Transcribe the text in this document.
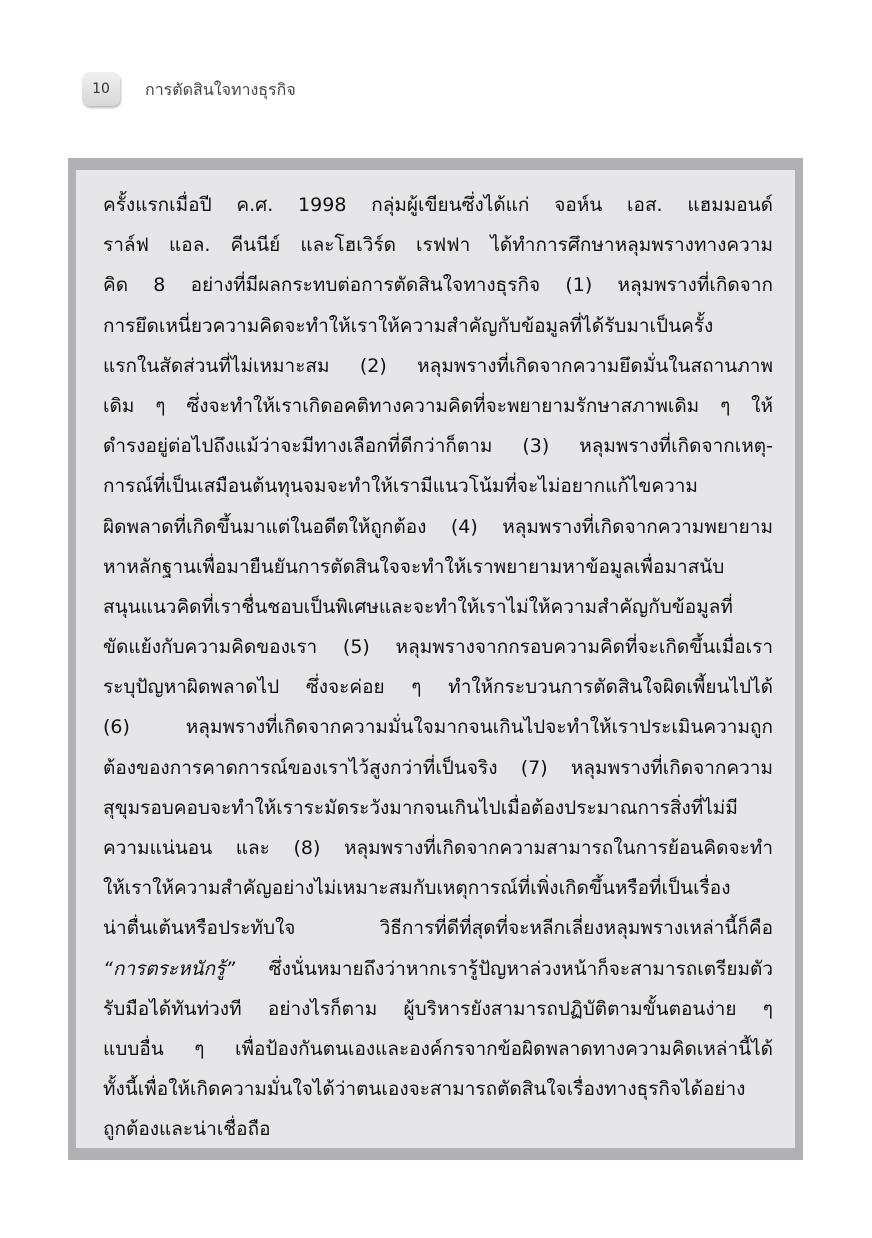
10 การตัดสินใจทางธุรกิจ
ครั้งแรกเมื่อปี ค.ศ. 1998 กลุ่มผู้เขียนซึ่งได้แก่ จอห์น เอส. แฮมมอนด์
ราล์ฟ แอล. คีนนีย์ และโฮเวิร์ด เรฟฟา ได้ทำการศึกษาหลุมพรางทางความ
คิด 8 อย่างที่มีผลกระทบต่อการตัดสินใจทางธุรกิจ (1) หลุมพรางที่เกิดจาก
การยึดเหนี่ยวความคิดจะทำให้เราให้ความสำคัญกับข้อมูลที่ได้รับมาเป็นครั้ง
แรกในสัดส่วนที่ไม่เหมาะสม (2) หลุมพรางที่เกิดจากความยึดมั่นในสถานภาพ
เดิม ๆ ซึ่งจะทำให้เราเกิดอคติทางความคิดที่จะพยายามรักษาสภาพเดิม ๆ ให้
ดำรงอยู่ต่อไปถึงแม้ว่าจะมีทางเลือกที่ดีกว่าก็ตาม (3) หลุมพรางที่เกิดจากเหตุ-
การณ์ที่เป็นเสมือนต้นทุนจมจะทำให้เรามีแนวโน้มที่จะไม่อยากแก้ไขความ
ผิดพลาดที่เกิดขึ้นมาแต่ในอดีตให้ถูกต้อง (4) หลุมพรางที่เกิดจากความพยายาม
หาหลักฐานเพื่อมายืนยันการตัดสินใจจะทำให้เราพยายามหาข้อมูลเพื่อมาสนับ
สนุนแนวคิดที่เราชื่นชอบเป็นพิเศษและจะทำให้เราไม่ให้ความสำคัญกับข้อมูลที่
ขัดแย้งกับความคิดของเรา (5) หลุมพรางจากกรอบความคิดที่จะเกิดขึ้นเมื่อเรา
ระบุปัญหาผิดพลาดไป ซึ่งจะค่อย ๆ ทำให้กระบวนการตัดสินใจผิดเพี้ยนไปได้
(6) หลุมพรางที่เกิดจากความมั่นใจมากจนเกินไปจะทำให้เราประเมินความถูก
ต้องของการคาดการณ์ของเราไว้สูงกว่าที่เป็นจริง (7) หลุมพรางที่เกิดจากความ
สุขุมรอบคอบจะทำให้เราระมัดระวังมากจนเกินไปเมื่อต้องประมาณการสิ่งที่ไม่มี
ความแน่นอน และ (8) หลุมพรางที่เกิดจากความสามารถในการย้อนคิดจะทำ
ให้เราให้ความสำคัญอย่างไม่เหมาะสมกับเหตุการณ์ที่เพิ่งเกิดขึ้นหรือที่เป็นเรื่อง
น่าตื่นเต้นหรือประทับใจ วิธีการที่ดีที่สุดที่จะหลีกเลี่ยงหลุมพรางเหล่านี้ก็คือ
“การตระหนักรู้” ซึ่งนั่นหมายถึงว่าหากเรารู้ปัญหาล่วงหน้าก็จะสามารถเตรียมตัว
รับมือได้ทันท่วงที อย่างไรก็ตาม ผู้บริหารยังสามารถปฏิบัติตามขั้นตอนง่าย ๆ
แบบอื่น ๆ เพื่อป้องกันตนเองและองค์กรจากข้อผิดพลาดทางความคิดเหล่านี้ได้
ทั้งนี้เพื่อให้เกิดความมั่นใจได้ว่าตนเองจะสามารถตัดสินใจเรื่องทางธุรกิจได้อย่าง
ถูกต้องและน่าเชื่อถือ
